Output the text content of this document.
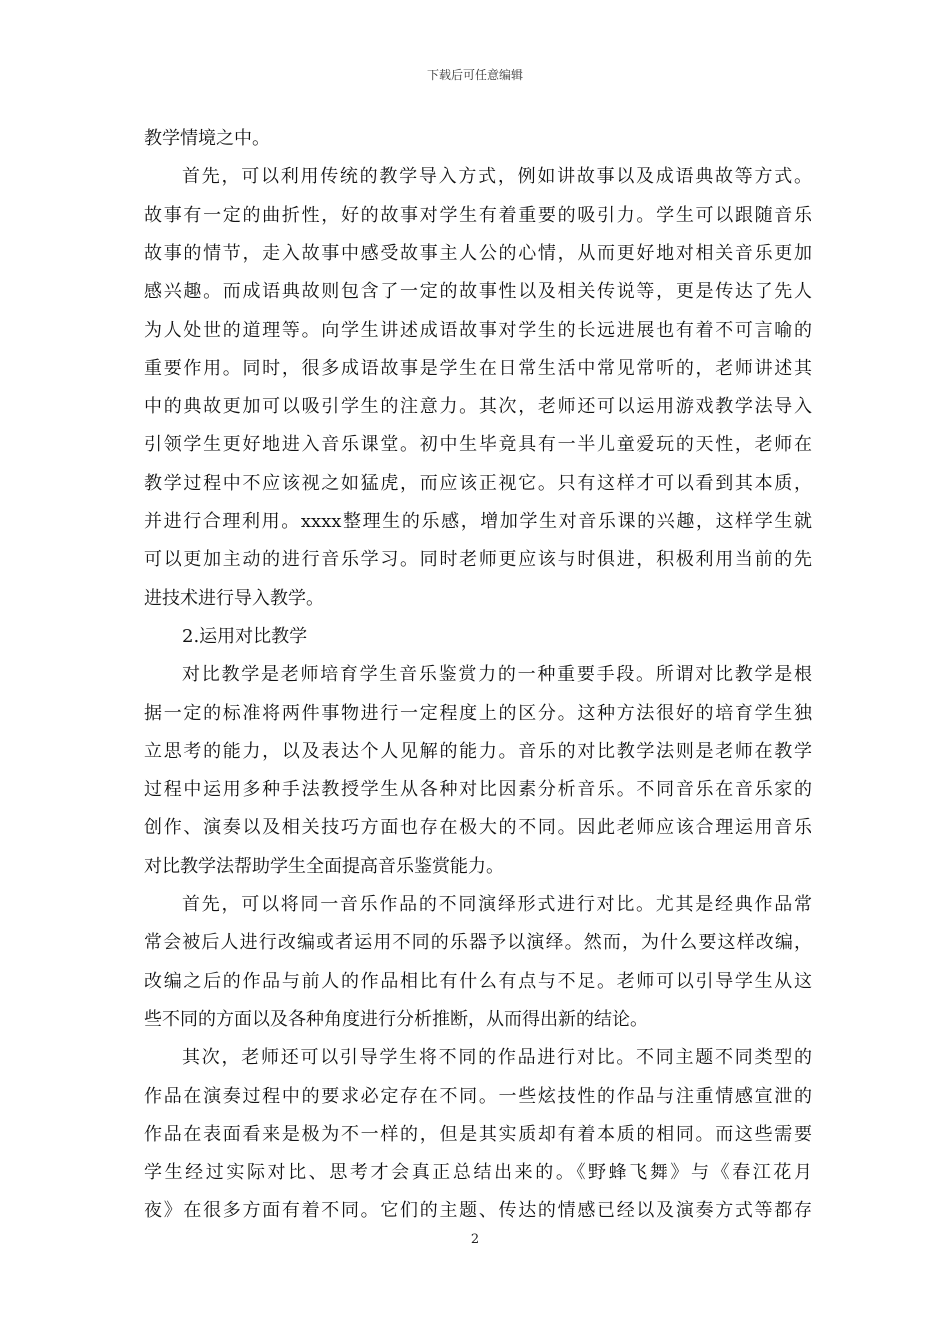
下载后可任意编辑
教学情境之中。
首先，可以利用传统的教学导入方式，例如讲故事以及成语典故等方式。
故事有一定的曲折性，好的故事对学生有着重要的吸引力。学生可以跟随音乐
故事的情节，走入故事中感受故事主人公的心情，从而更好地对相关音乐更加
感兴趣。而成语典故则包含了一定的故事性以及相关传说等，更是传达了先人
为人处世的道理等。向学生讲述成语故事对学生的长远进展也有着不可言喻的
重要作用。同时，很多成语故事是学生在日常生活中常见常听的，老师讲述其
中的典故更加可以吸引学生的注意力。其次，老师还可以运用游戏教学法导入
引领学生更好地进入音乐课堂。初中生毕竟具有一半儿童爱玩的天性，老师在
教学过程中不应该视之如猛虎，而应该正视它。只有这样才可以看到其本质，
并进行合理利用。xxxx整理生的乐感，增加学生对音乐课的兴趣，这样学生就
可以更加主动的进行音乐学习。同时老师更应该与时俱进，积极利用当前的先
进技术进行导入教学。
2.运用对比教学
对比教学是老师培育学生音乐鉴赏力的一种重要手段。所谓对比教学是根
据一定的标准将两件事物进行一定程度上的区分。这种方法很好的培育学生独
立思考的能力，以及表达个人见解的能力。音乐的对比教学法则是老师在教学
过程中运用多种手法教授学生从各种对比因素分析音乐。不同音乐在音乐家的
创作、演奏以及相关技巧方面也存在极大的不同。因此老师应该合理运用音乐
对比教学法帮助学生全面提高音乐鉴赏能力。
首先，可以将同一音乐作品的不同演绎形式进行对比。尤其是经典作品常
常会被后人进行改编或者运用不同的乐器予以演绎。然而，为什么要这样改编，
改编之后的作品与前人的作品相比有什么有点与不足。老师可以引导学生从这
些不同的方面以及各种角度进行分析推断，从而得出新的结论。
其次，老师还可以引导学生将不同的作品进行对比。不同主题不同类型的
作品在演奏过程中的要求必定存在不同。一些炫技性的作品与注重情感宣泄的
作品在表面看来是极为不一样的，但是其实质却有着本质的相同。而这些需要
学生经过实际对比、思考才会真正总结出来的。《野蜂飞舞》与《春江花月
夜》在很多方面有着不同。它们的主题、传达的情感已经以及演奏方式等都存
2
